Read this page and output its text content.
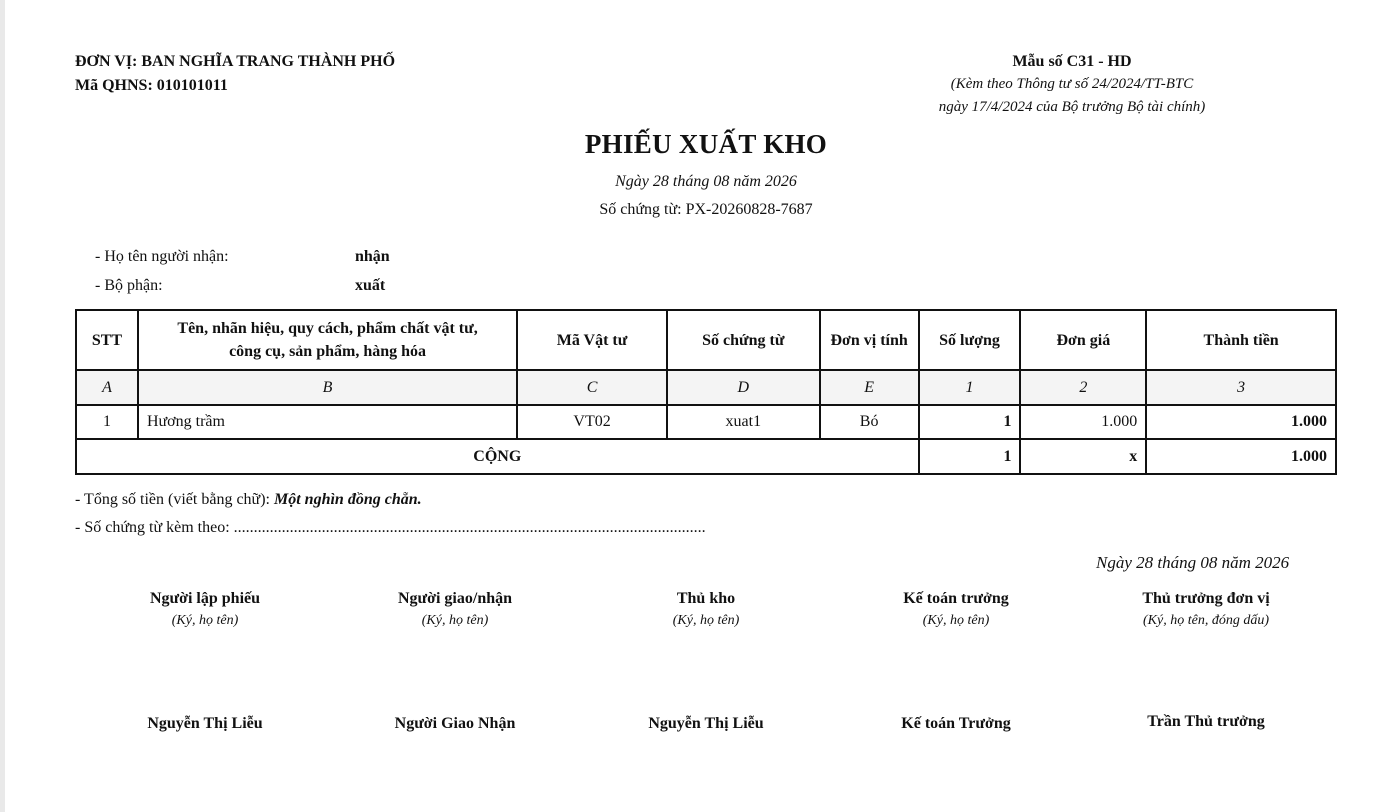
ĐƠN VỊ: BAN NGHĨA TRANG THÀNH PHỐ
Mã QHNS: 010101011
Mẫu số C31 - HD
(Kèm theo Thông tư số 24/2024/TT-BTC
ngày 17/4/2024 của Bộ trưởng Bộ tài chính)
PHIẾU XUẤT KHO
Ngày 28 tháng 08 năm 2026
Số chứng từ: PX-20260828-7687
- Họ tên người nhận:	nhận
- Bộ phận:	xuất
STT	Tên, nhãn hiệu, quy cách, phẩm chất vật tư,
công cụ, sản phẩm, hàng hóa	Mã Vật tư	Số chứng từ	Đơn vị tính	Số lượng	Đơn giá	Thành tiền
A	B	C	D	E	1	2	3
1	Hương trầm	VT02	xuat1	Bó	1	1.000	1.000
CỘNG					1	x	1.000
- Tổng số tiền (viết bằng chữ): Một nghìn đồng chẵn.
- Số chứng từ kèm theo: ......................................................................................................................
Ngày 28 tháng 08 năm 2026
Người lập phiếu
(Ký, họ tên)
Nguyễn Thị Liễu
Người giao/nhận
(Ký, họ tên)
Người Giao Nhận
Thủ kho
(Ký, họ tên)
Nguyễn Thị Liễu
Kế toán trưởng
(Ký, họ tên)
Kế toán Trưởng
Thủ trưởng đơn vị
(Ký, họ tên, đóng dấu)
Trần Thủ trưởng
